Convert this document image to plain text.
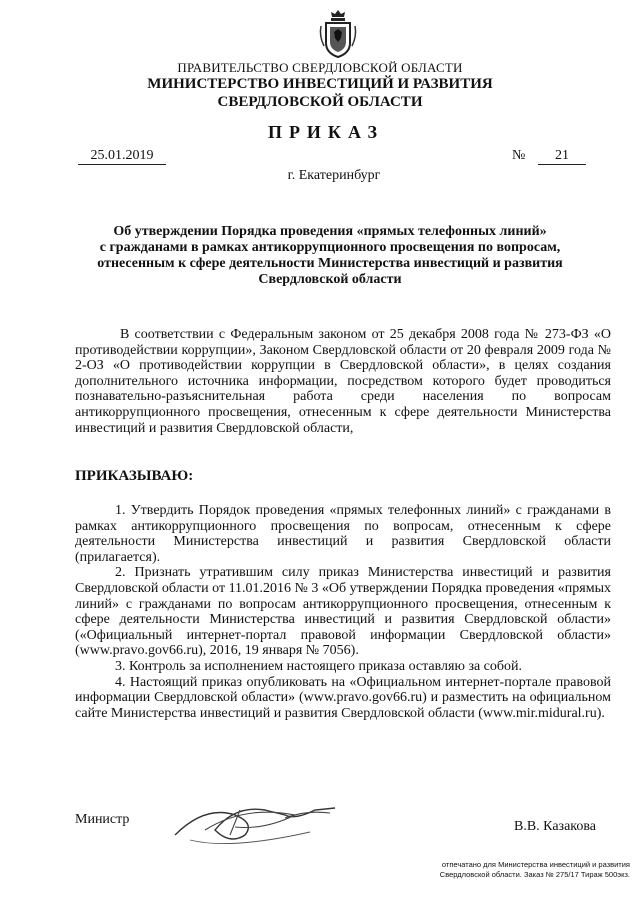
ПРАВИТЕЛЬСТВО СВЕРДЛОВСКОЙ ОБЛАСТИ
МИНИСТЕРСТВО ИНВЕСТИЦИЙ И РАЗВИТИЯ
СВЕРДЛОВСКОЙ ОБЛАСТИ
ПРИКАЗ
25.01.2019	№	21
г. Екатеринбург
Об утверждении Порядка проведения «прямых телефонных линий»
с гражданами в рамках антикоррупционного просвещения по вопросам,
отнесенным к сфере деятельности Министерства инвестиций и развития
Свердловской области
В соответствии с Федеральным законом от 25 декабря 2008 года № 273-ФЗ «О противодействии коррупции», Законом Свердловской области от 20 февраля 2009 года № 2-ОЗ «О противодействии коррупции в Свердловской области», в целях создания дополнительного источника информации, посредством которого будет проводиться познавательно-разъяснительная работа среди населения по вопросам антикоррупционного просвещения, отнесенным к сфере деятельности Министерства инвестиций и развития Свердловской области,
ПРИКАЗЫВАЮ:

1. Утвердить Порядок проведения «прямых телефонных линий» с гражданами в рамках антикоррупционного просвещения по вопросам, отнесенным к сфере деятельности Министерства инвестиций и развития Свердловской области (прилагается).

2. Признать утратившим силу приказ Министерства инвестиций и развития Свердловской области от 11.01.2016 № 3 «Об утверждении Порядка проведения «прямых линий» с гражданами по вопросам антикоррупционного просвещения, отнесенным к сфере деятельности Министерства инвестиций и развития Свердловской области» («Официальный интернет-портал правовой информации Свердловской области» (www.pravo.gov66.ru), 2016, 19 января № 7056).

3. Контроль за исполнением настоящего приказа оставляю за собой.

4. Настоящий приказ опубликовать на «Официальном интернет-портале правовой информации Свердловской области» (www.pravo.gov66.ru) и разместить на официальном сайте Министерства инвестиций и развития Свердловской области (www.mir.midural.ru).

Министр	В.В. Казакова
отпечатано для Министерства инвестиций и развития
Свердловской области. Заказ № 275/17 Тираж 500экз.
